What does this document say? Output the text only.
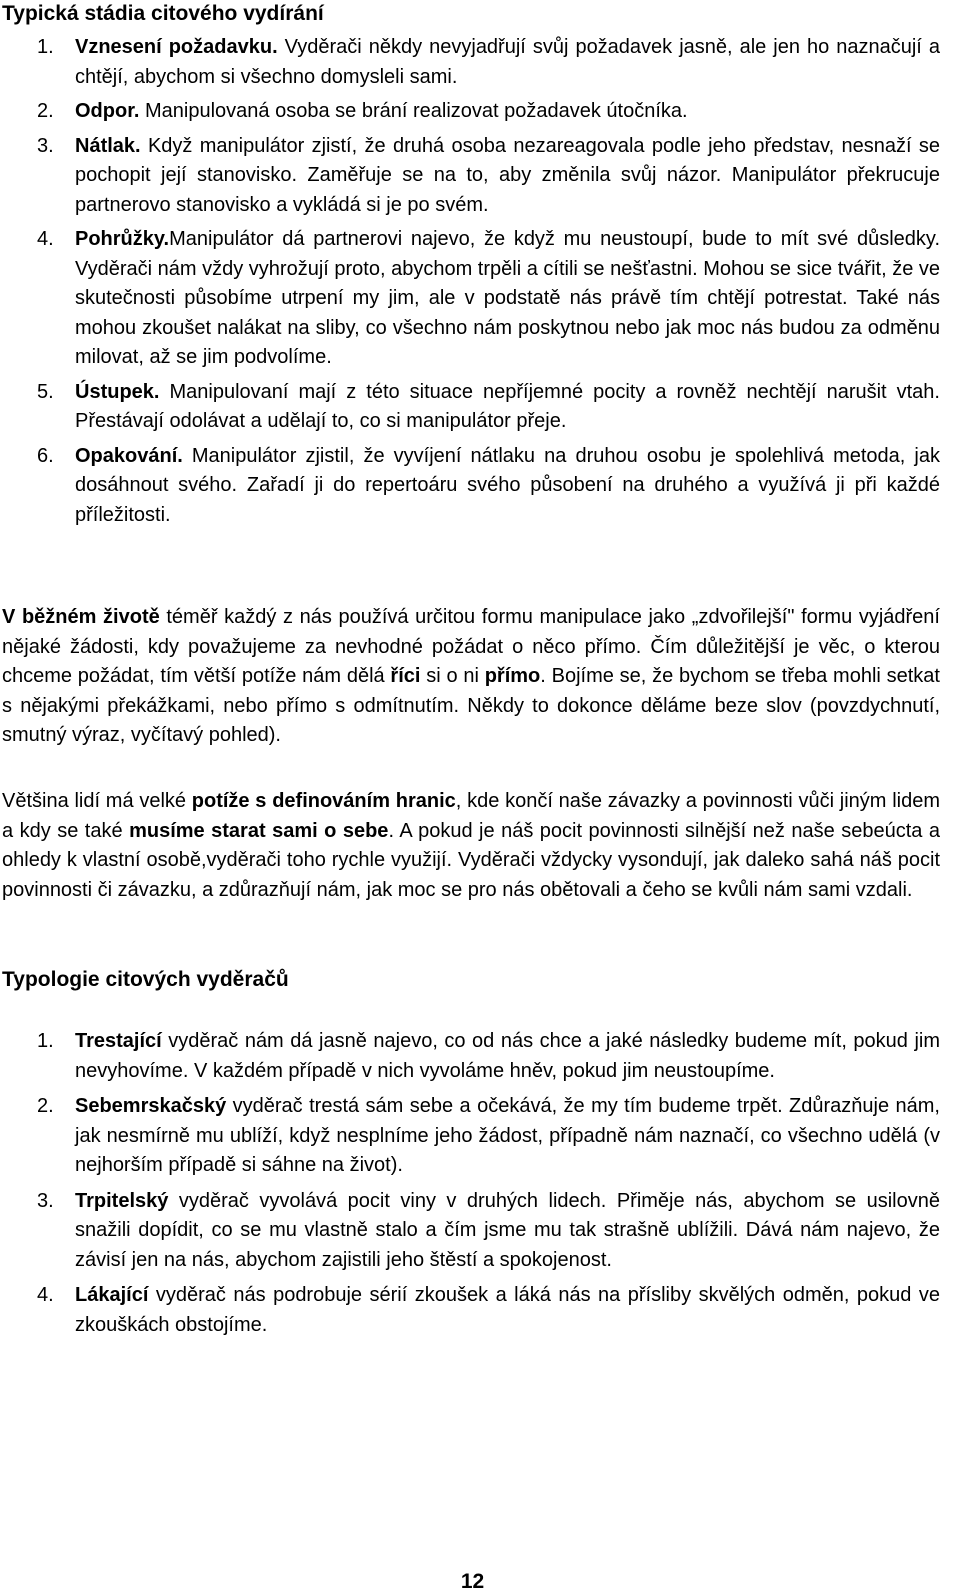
Typická stádia citového vydírání
1. Vznesení požadavku. Vyděrači někdy nevyjadřují svůj požadavek jasně, ale jen ho naznačují a chtějí, abychom si všechno domysleli sami.

2. Odpor. Manipulovaná osoba se brání realizovat požadavek útočníka.

3. Nátlak. Když manipulátor zjistí, že druhá osoba nezareagovala podle jeho představ, nesnaží se pochopit její stanovisko. Zaměřuje se na to, aby změnila svůj názor. Manipulátor překrucuje partnerovo stanovisko a vykládá si je po svém.

4. Pohrůžky.Manipulátor dá partnerovi najevo, že když mu neustoupí, bude to mít své důsledky. Vyděrači nám vždy vyhrožují proto, abychom trpěli a cítili se nešťastni. Mohou se sice tvářit, že ve skutečnosti působíme utrpení my jim, ale v podstatě nás právě tím chtějí potrestat. Také nás mohou zkoušet nalákat na sliby, co všechno nám poskytnou nebo jak moc nás budou za odměnu milovat, až se jim podvolíme.

5. Ústupek. Manipulovaní mají z této situace nepříjemné pocity a rovněž nechtějí narušit vtah. Přestávají odolávat a udělají to, co si manipulátor přeje.

6. Opakování. Manipulátor zjistil, že vyvíjení nátlaku na druhou osobu je spolehlivá metoda, jak dosáhnout svého. Zařadí ji do repertoáru svého působení na druhého a využívá ji při každé příležitosti.

V běžném životě téměř každý z nás používá určitou formu manipulace jako „zdvořilejší" formu vyjádření nějaké žádosti, kdy považujeme za nevhodné požádat o něco přímo. Čím důležitější je věc, o kterou chceme požádat, tím větší potíže nám dělá říci si o ni přímo. Bojíme se, že bychom se třeba mohli setkat s nějakými překážkami, nebo přímo s odmítnutím. Někdy to dokonce děláme beze slov (povzdychnutí, smutný výraz, vyčítavý pohled).

Většina lidí má velké potíže s definováním hranic, kde končí naše závazky a povinnosti vůči jiným lidem a kdy se také musíme starat sami o sebe. A pokud je náš pocit povinnosti silnější než naše sebeúcta a ohledy k vlastní osobě,vyděrači toho rychle využijí. Vyděrači vždycky vysondují, jak daleko sahá náš pocit povinnosti či závazku, a zdůrazňují nám, jak moc se pro nás obětovali a čeho se kvůli nám sami vzdali.

Typologie citových vyděračů
1. Trestající vyděrač nám dá jasně najevo, co od nás chce a jaké následky budeme mít, pokud jim nevyhovíme. V každém případě v nich vyvoláme hněv, pokud jim neustoupíme.

2. Sebemrskačský vyděrač trestá sám sebe a očekává, že my tím budeme trpět. Zdůrazňuje nám, jak nesmírně mu ublíží, když nesplníme jeho žádost, případně nám naznačí, co všechno udělá (v nejhorším případě si sáhne na život).

3. Trpitelský vyděrač vyvolává pocit viny v druhých lidech. Přiměje nás, abychom se usilovně snažili dopídit, co se mu vlastně stalo a čím jsme mu tak strašně ublížili. Dává nám najevo, že závisí jen na nás, abychom zajistili jeho štěstí a spokojenost.

4. Lákající vyděrač nás podrobuje sérií zkoušek a láká nás na přísliby skvělých odměn, pokud ve zkouškách obstojíme.

12
